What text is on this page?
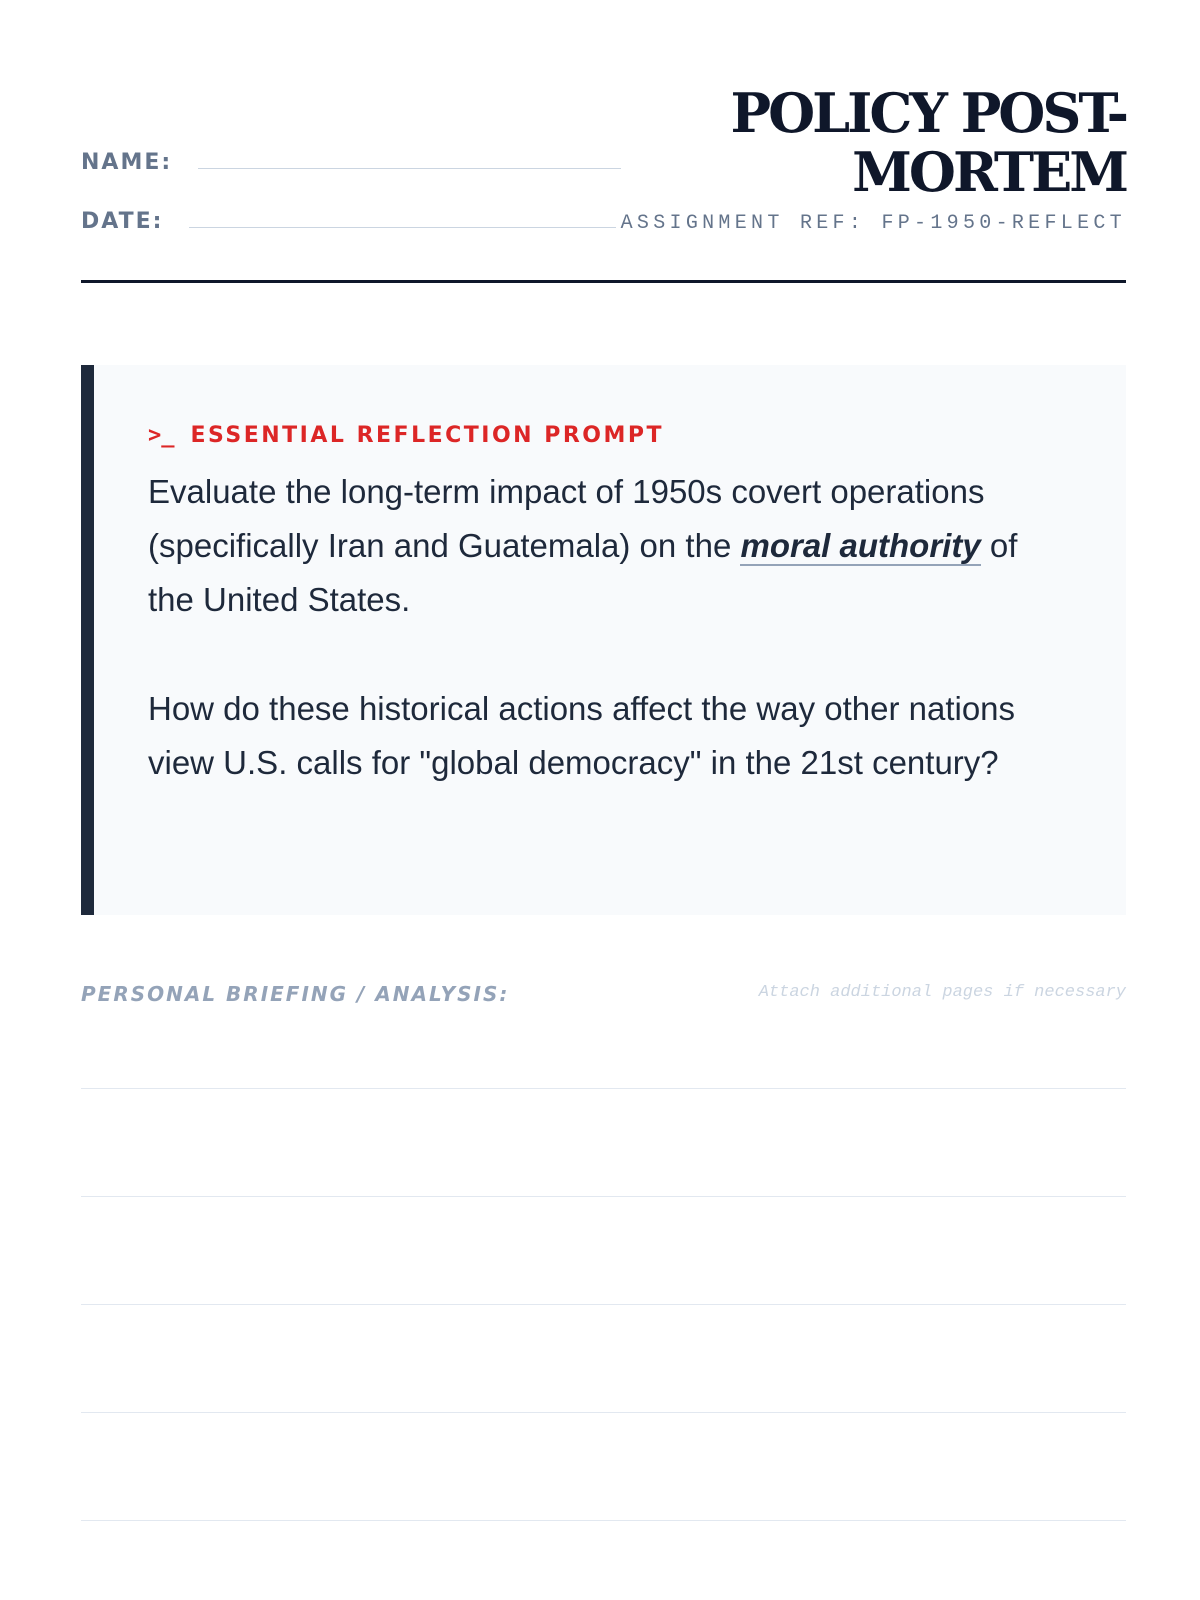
NAME:
DATE:
POLICY POST-MORTEM
ASSIGNMENT REF: FP-1950-REFLECT
>_ ESSENTIAL REFLECTION PROMPT

Evaluate the long-term impact of 1950s covert operations (specifically Iran and Guatemala) on the moral authority of the United States.

How do these historical actions affect the way other nations view U.S. calls for "global democracy" in the 21st century?

PERSONAL BRIEFING / ANALYSIS:	Attach additional pages if necessary
